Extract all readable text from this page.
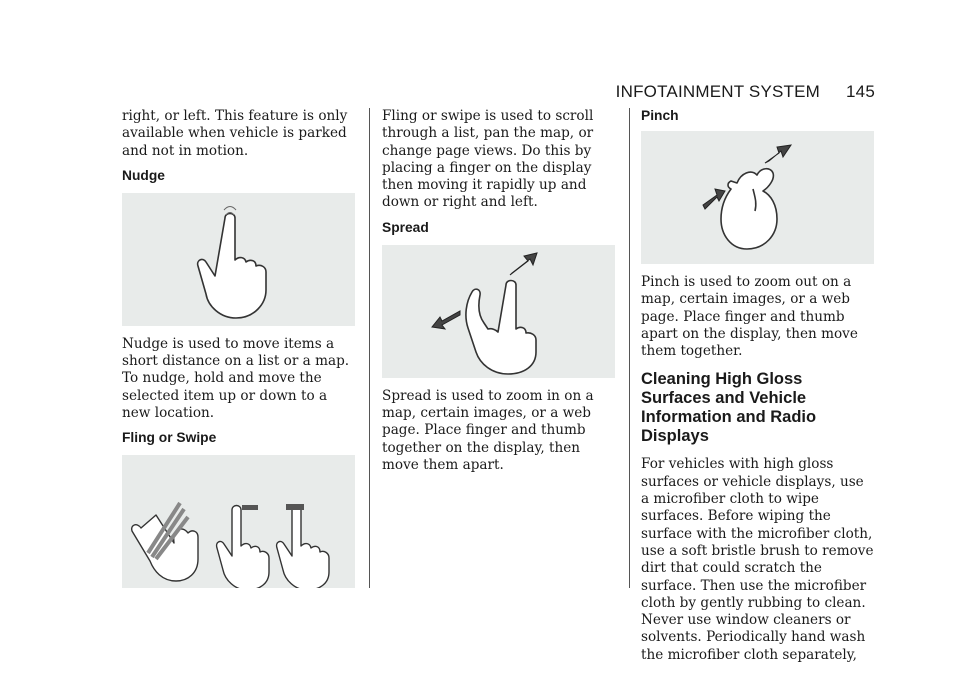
INFOTAINMENT SYSTEM 145

right, or left. This feature is only available when vehicle is parked and not in motion.

Nudge

Nudge is used to move items a short distance on a list or a map. To nudge, hold and move the selected item up or down to a new location.

Fling or Swipe

Fling or swipe is used to scroll through a list, pan the map, or change page views. Do this by placing a finger on the display then moving it rapidly up and down or right and left.

Spread

Spread is used to zoom in on a map, certain images, or a web page. Place finger and thumb together on the display, then move them apart.

Pinch

Pinch is used to zoom out on a map, certain images, or a web page. Place finger and thumb apart on the display, then move them together.

Cleaning High Gloss Surfaces and Vehicle Information and Radio Displays

For vehicles with high gloss surfaces or vehicle displays, use a microfiber cloth to wipe surfaces. Before wiping the surface with the microfiber cloth, use a soft bristle brush to remove dirt that could scratch the surface. Then use the microfiber cloth by gently rubbing to clean. Never use window cleaners or solvents. Periodically hand wash the microfiber cloth separately,
